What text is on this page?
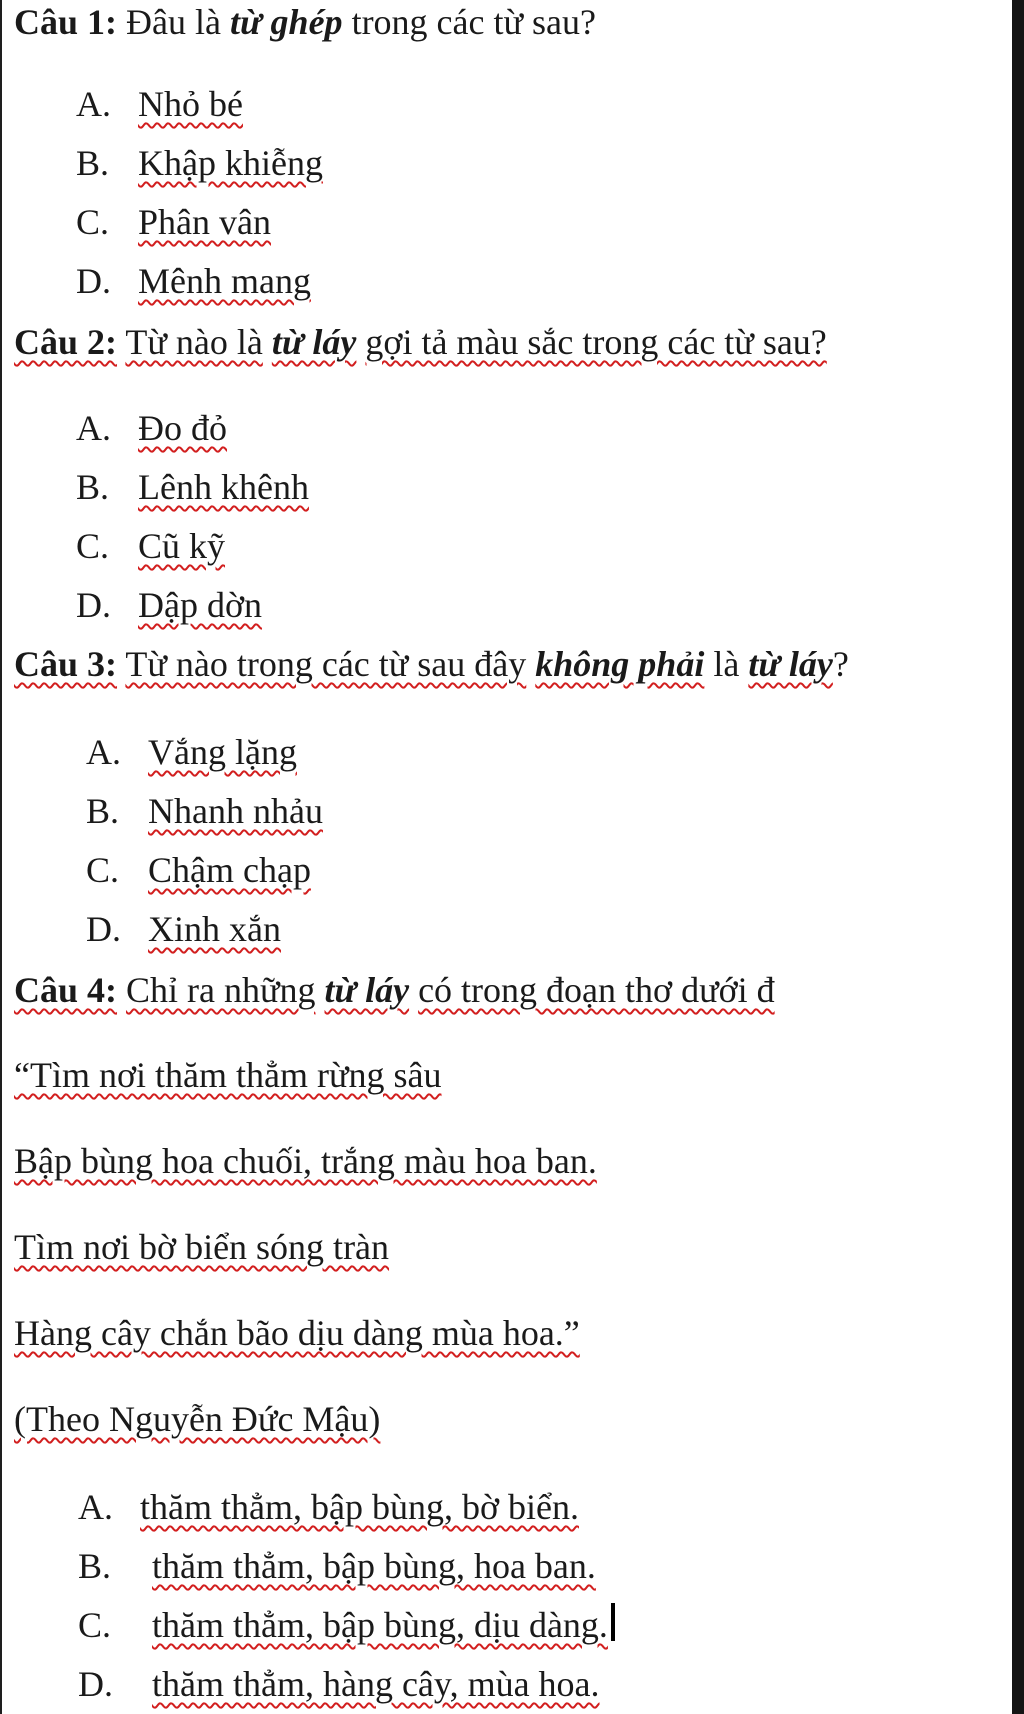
Câu 1: Đâu là từ ghép trong các từ sau?
A. Nhỏ bé
B. Khập khiễng
C. Phân vân
D. Mênh mang
Câu 2: Từ nào là từ láy gợi tả màu sắc trong các từ sau?
A. Đo đỏ
B. Lênh khênh
C. Cũ kỹ
D. Dập dờn
Câu 3: Từ nào trong các từ sau đây không phải là từ láy?
A. Vắng lặng
B. Nhanh nhảu
C. Chậm chạp
D. Xinh xắn
Câu 4: Chỉ ra những từ láy có trong đoạn thơ dưới đ
“Tìm nơi thăm thẳm rừng sâu
Bập bùng hoa chuối, trắng màu hoa ban.
Tìm nơi bờ biển sóng tràn
Hàng cây chắn bão dịu dàng mùa hoa.”
(Theo Nguyễn Đức Mậu)
A. thăm thẳm, bập bùng, bờ biển.
B.	thăm thẳm, bập bùng, hoa ban.
C.	thăm thẳm, bập bùng, dịu dàng.
D.	thăm thẳm, hàng cây, mùa hoa.
